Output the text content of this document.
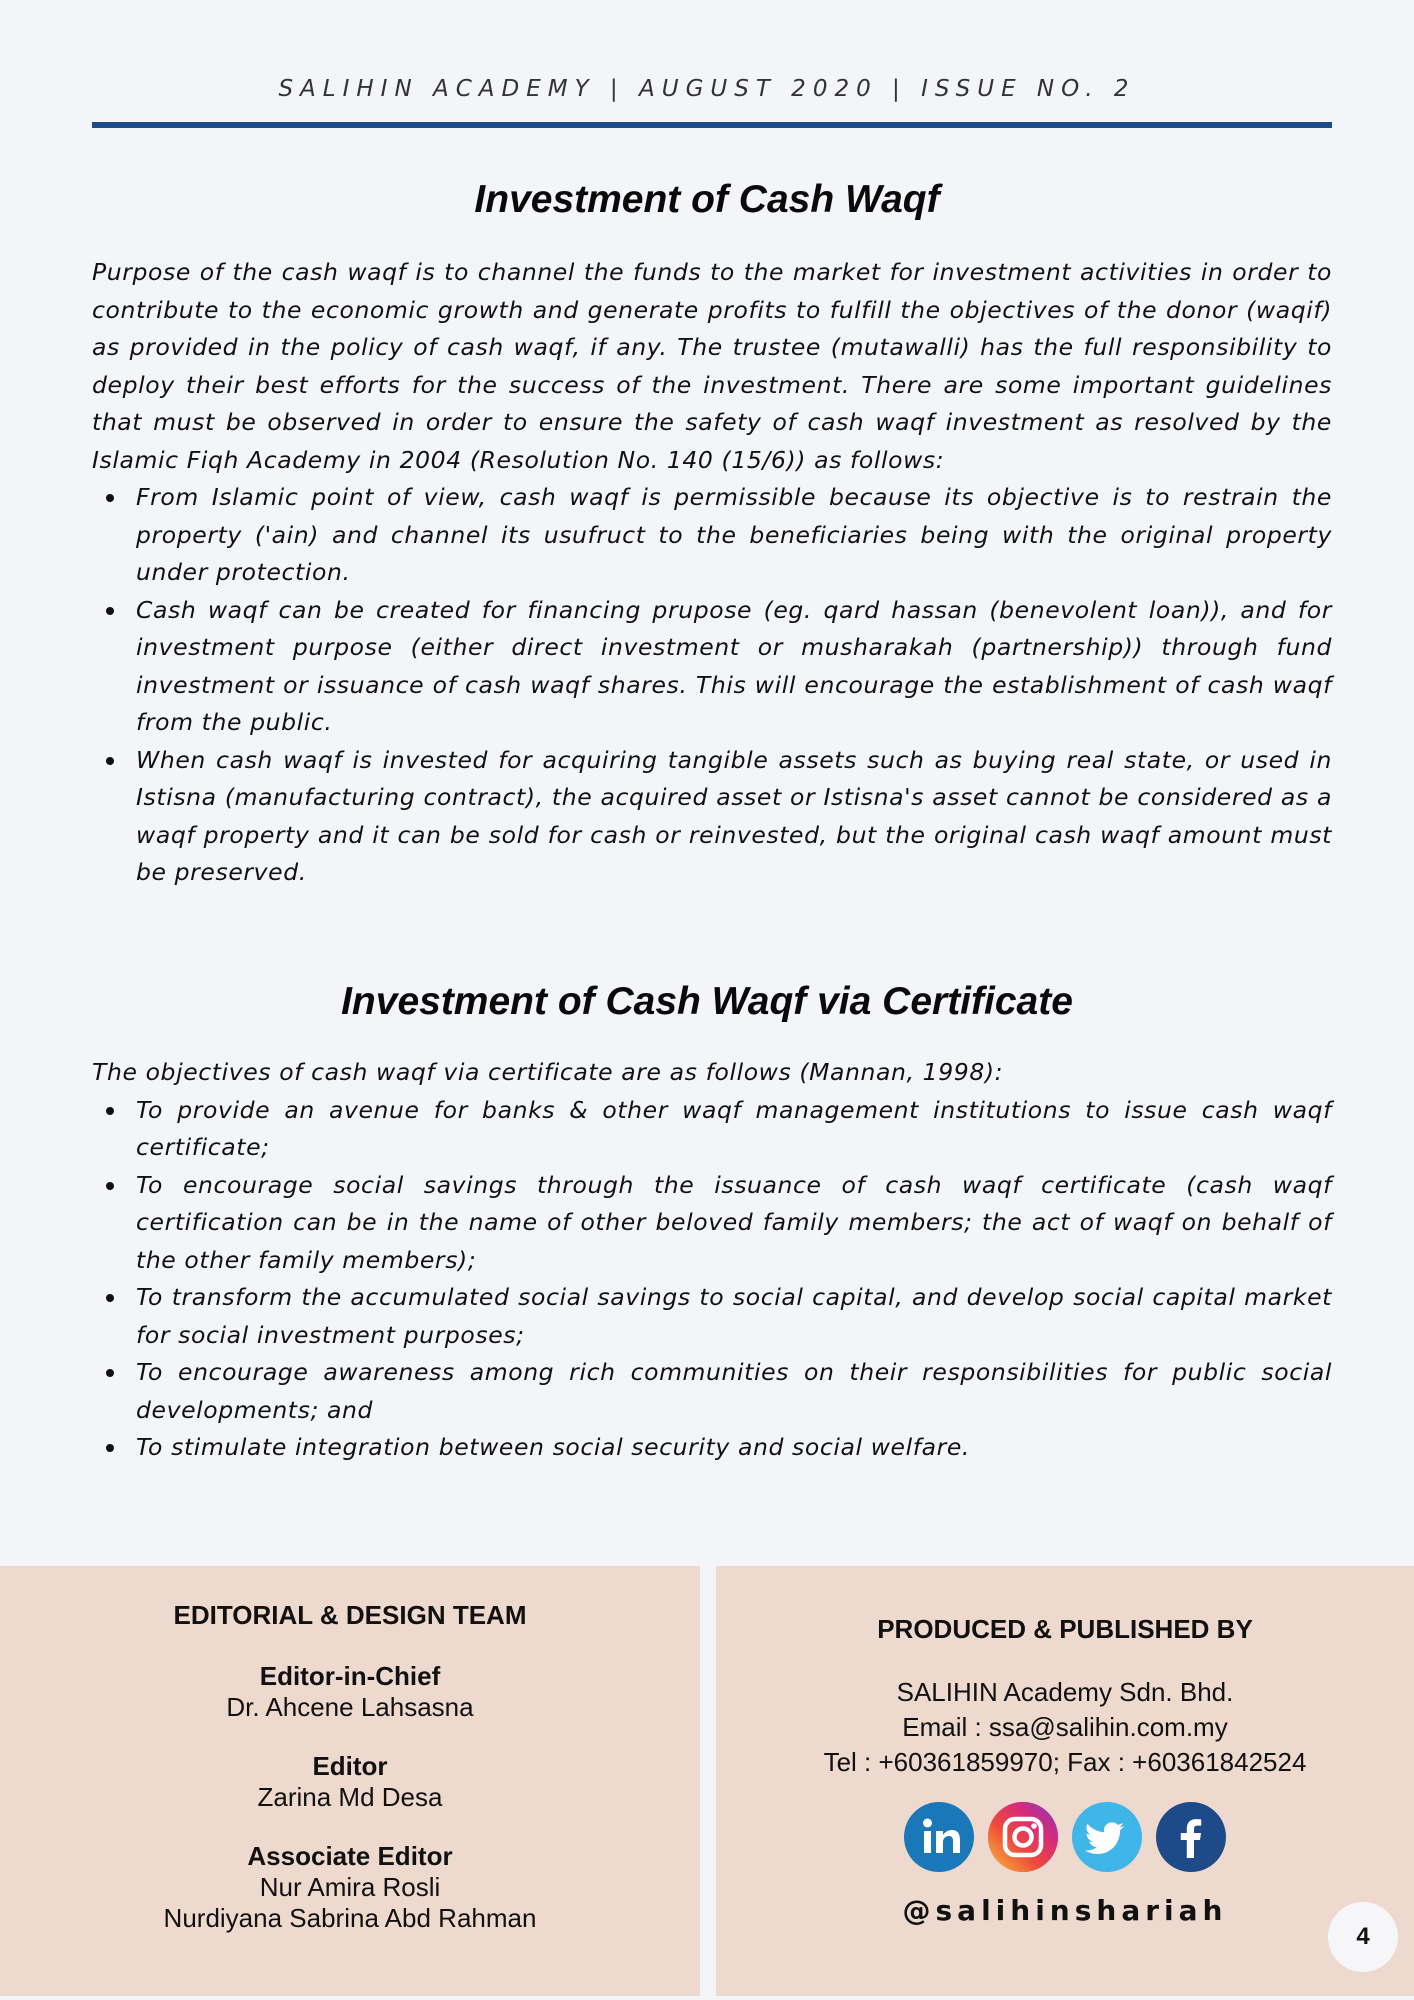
SALIHIN ACADEMY | AUGUST 2020 | ISSUE NO. 2
Investment of Cash Waqf

Purpose of the cash waqf is to channel the funds to the market for investment activities in order to contribute to the economic growth and generate profits to fulfill the objectives of the donor (waqif) as provided in the policy of cash waqf, if any. The trustee (mutawalli) has the full responsibility to deploy their best efforts for the success of the investment. There are some important guidelines that must be observed in order to ensure the safety of cash waqf investment as resolved by the Islamic Fiqh Academy in 2004 (Resolution No. 140 (15/6)) as follows:

From Islamic point of view, cash waqf is permissible because its objective is to restrain the property ('ain) and channel its usufruct to the beneficiaries being with the original property under protection.
Cash waqf can be created for financing prupose (eg. qard hassan (benevolent loan)), and for investment purpose (either direct investment or musharakah (partnership)) through fund investment or issuance of cash waqf shares. This will encourage the establishment of cash waqf from the public.
When cash waqf is invested for acquiring tangible assets such as buying real state, or used in Istisna (manufacturing contract), the acquired asset or Istisna's asset cannot be considered as a waqf property and it can be sold for cash or reinvested, but the original cash waqf amount must be preserved.
Investment of Cash Waqf via Certificate

The objectives of cash waqf via certificate are as follows (Mannan, 1998):

To provide an avenue for banks & other waqf management institutions to issue cash waqf certificate;
To encourage social savings through the issuance of cash waqf certificate (cash waqf certification can be in the name of other beloved family members; the act of waqf on behalf of the other family members);
To transform the accumulated social savings to social capital, and develop social capital market for social investment purposes;
To encourage awareness among rich communities on their responsibilities for public social developments; and
To stimulate integration between social security and social welfare.
EDITORIAL & DESIGN TEAM
Editor-in-Chief
Dr. Ahcene Lahsasna
Editor
Zarina Md Desa
Associate Editor
Nur Amira Rosli
Nurdiyana Sabrina Abd Rahman
PRODUCED & PUBLISHED BY
SALIHIN Academy Sdn. Bhd.
Email : ssa@salihin.com.my
Tel : +60361859970; Fax : +60361842524
@salihinshariah
4
